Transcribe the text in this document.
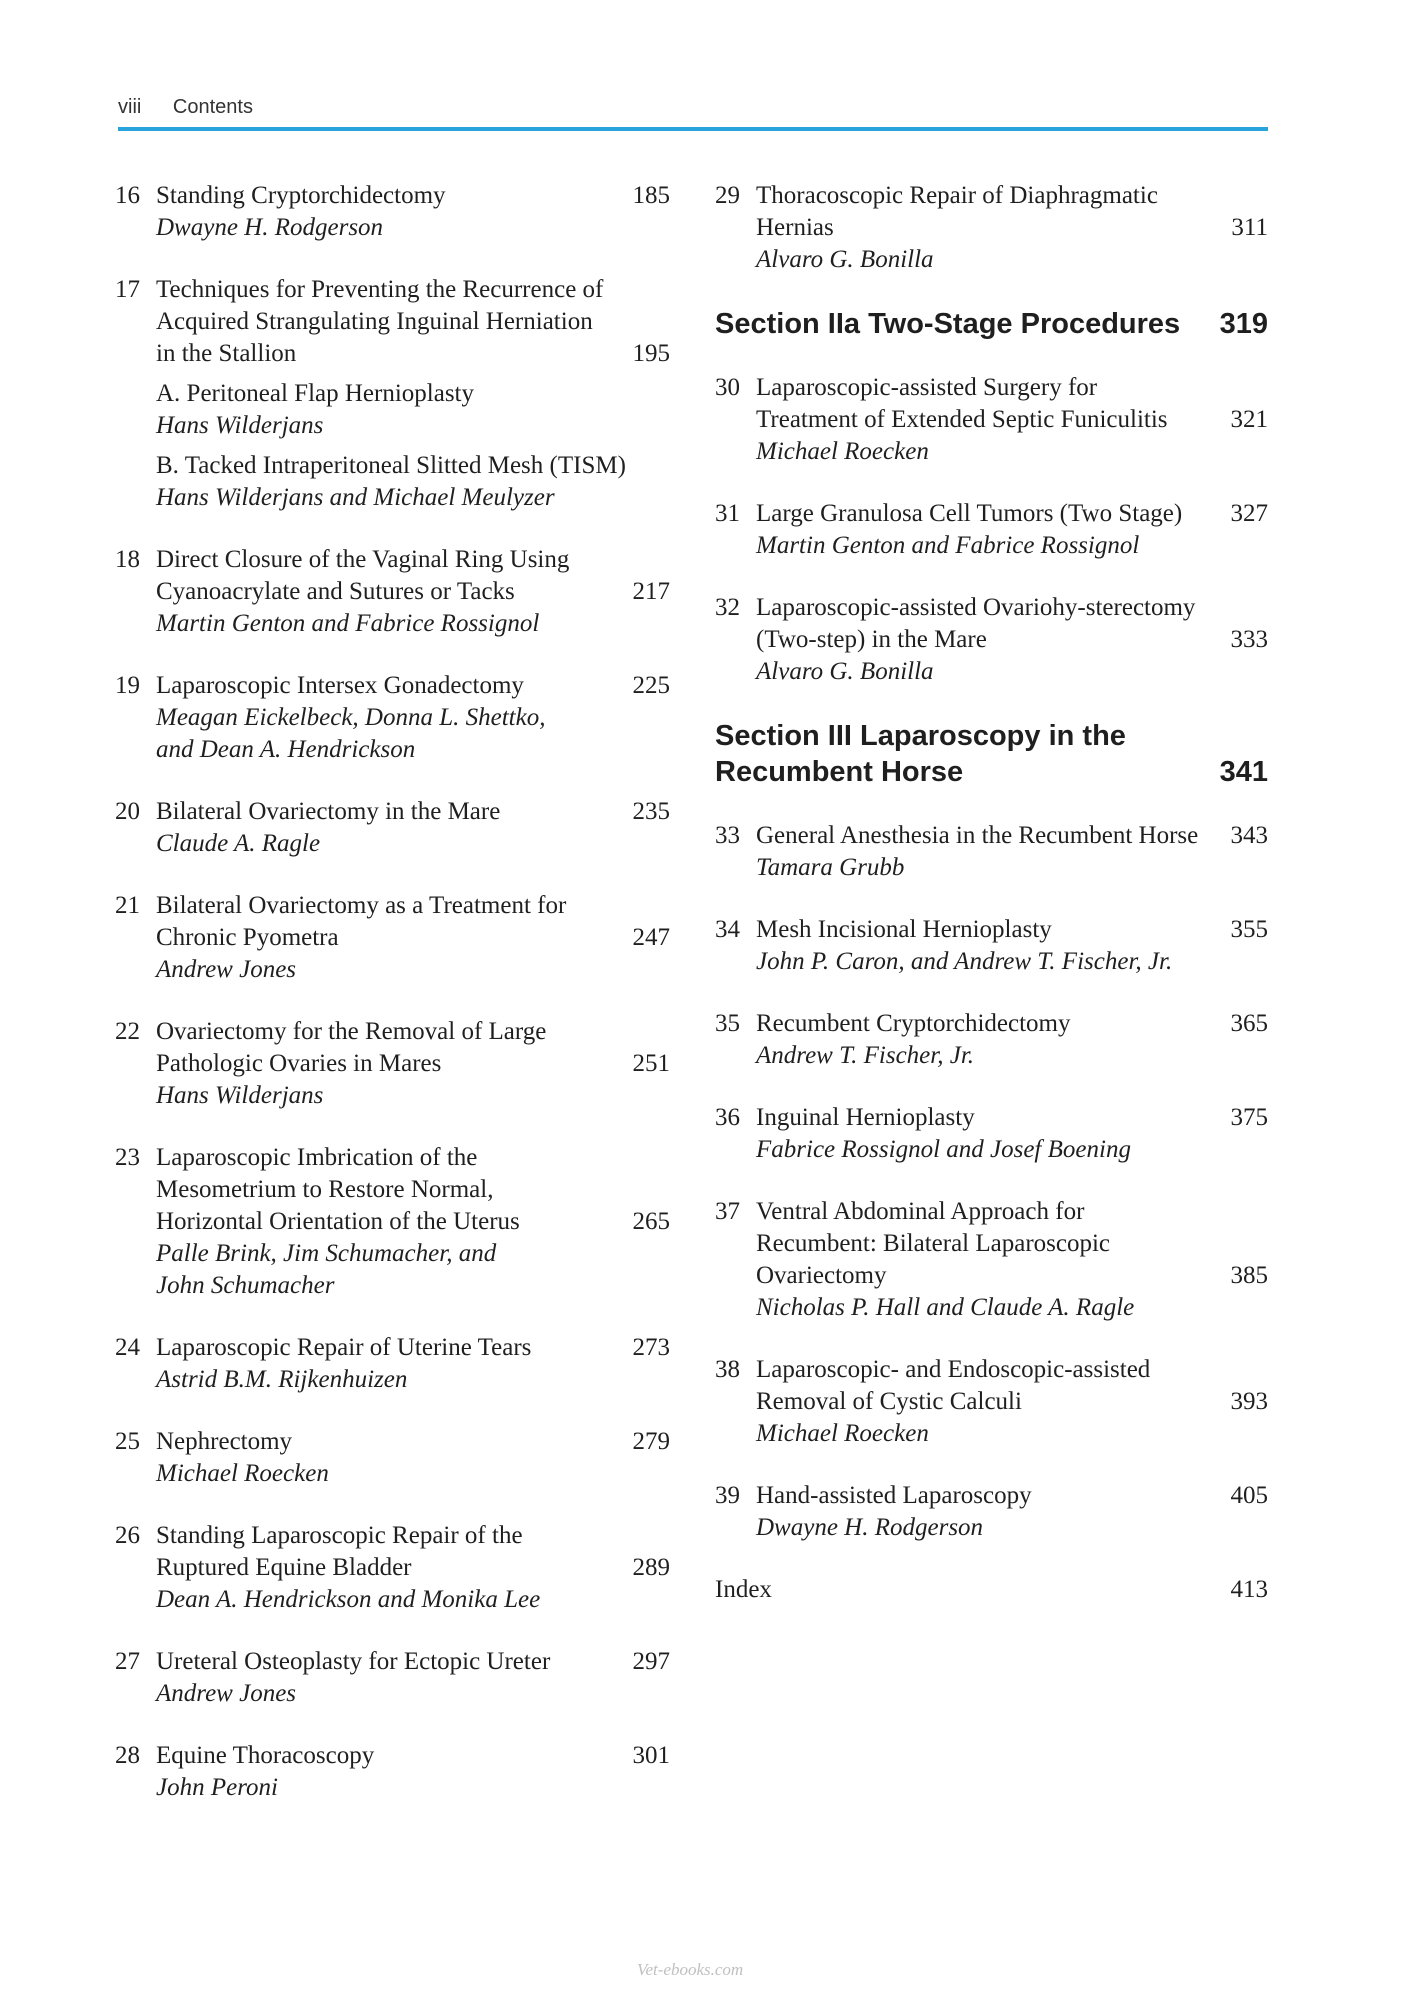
viii Contents
16 Standing Cryptorchidectomy	185
Dwayne H. Rodgerson
17 Techniques for Preventing the Recurrence of Acquired Strangulating Inguinal Herniation in the Stallion	195
A. Peritoneal Flap Hernioplasty
Hans Wilderjans
B. Tacked Intraperitoneal Slitted Mesh (TISM)
Hans Wilderjans and Michael Meulyzer
18 Direct Closure of the Vaginal Ring Using Cyanoacrylate and Sutures or Tacks	217
Martin Genton and Fabrice Rossignol
19 Laparoscopic Intersex Gonadectomy	225
Meagan Eickelbeck, Donna L. Shettko,
and Dean A. Hendrickson
20 Bilateral Ovariectomy in the Mare	235
Claude A. Ragle
21 Bilateral Ovariectomy as a Treatment for Chronic Pyometra	247
Andrew Jones
22 Ovariectomy for the Removal of Large Pathologic Ovaries in Mares	251
Hans Wilderjans
23 Laparoscopic Imbrication of the Mesometrium to Restore Normal, Horizontal Orientation of the Uterus	265
Palle Brink, Jim Schumacher, and
John Schumacher
24 Laparoscopic Repair of Uterine Tears	273
Astrid B.M. Rijkenhuizen
25 Nephrectomy	279
Michael Roecken
26 Standing Laparoscopic Repair of the Ruptured Equine Bladder	289
Dean A. Hendrickson and Monika Lee
27 Ureteral Osteoplasty for Ectopic Ureter	297
Andrew Jones
28 Equine Thoracoscopy	301
John Peroni
29 Thoracoscopic Repair of Diaphragmatic Hernias	311
Alvaro G. Bonilla
Section IIa Two-Stage Procedures	319
30 Laparoscopic-assisted Surgery for Treatment of Extended Septic Funiculitis	321
Michael Roecken
31 Large Granulosa Cell Tumors (Two Stage)	327
Martin Genton and Fabrice Rossignol
32 Laparoscopic-assisted Ovariohy-sterectomy (Two-step) in the Mare	333
Alvaro G. Bonilla
Section III Laparoscopy in the Recumbent Horse	341
33 General Anesthesia in the Recumbent Horse 343
Tamara Grubb
34 Mesh Incisional Hernioplasty	355
John P. Caron, and Andrew T. Fischer, Jr.
35 Recumbent Cryptorchidectomy	365
Andrew T. Fischer, Jr.
36 Inguinal Hernioplasty	375
Fabrice Rossignol and Josef Boening
37 Ventral Abdominal Approach for Recumbent: Bilateral Laparoscopic Ovariectomy	385
Nicholas P. Hall and Claude A. Ragle
38 Laparoscopic- and Endoscopic-assisted Removal of Cystic Calculi	393
Michael Roecken
39 Hand-assisted Laparoscopy	405
Dwayne H. Rodgerson
Index	413
Vet-ebooks.com
